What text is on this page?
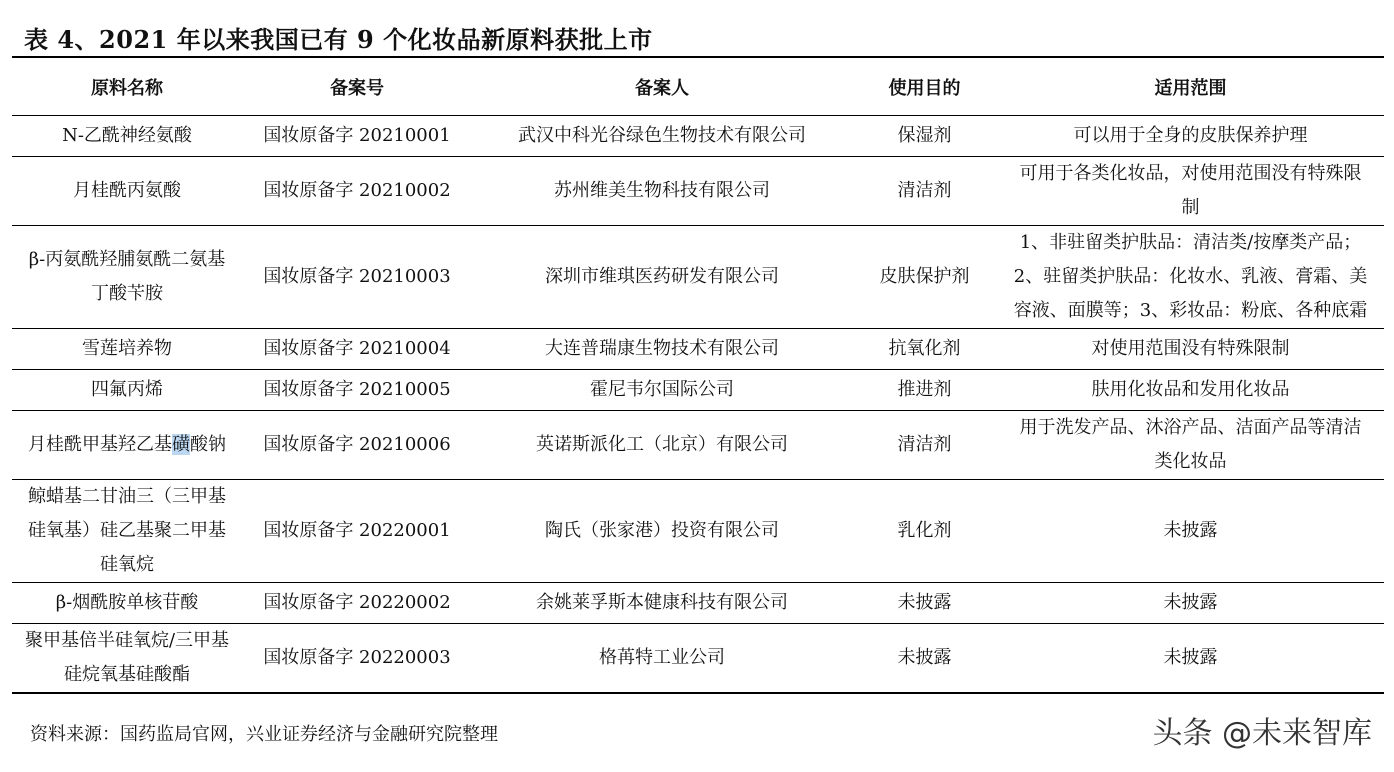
表 4、2021 年以来我国已有 9 个化妆品新原料获批上市
原料名称	备案号	备案人	使用目的	适用范围
N-乙酰神经氨酸	国妆原备字 20210001	武汉中科光谷绿色生物技术有限公司	保湿剂	可以用于全身的皮肤保养护理
月桂酰丙氨酸	国妆原备字 20210002	苏州维美生物科技有限公司	清洁剂	可用于各类化妆品，对使用范围没有特殊限制
β-丙氨酰羟脯氨酰二氨基丁酸苄胺	国妆原备字 20210003	深圳市维琪医药研发有限公司	皮肤保护剂	1、非驻留类护肤品：清洁类/按摩类产品；2、驻留类护肤品：化妆水、乳液、膏霜、美容液、面膜等；3、彩妆品：粉底、各种底霜
雪莲培养物	国妆原备字 20210004	大连普瑞康生物技术有限公司	抗氧化剂	对使用范围没有特殊限制
四氟丙烯	国妆原备字 20210005	霍尼韦尔国际公司	推进剂	肤用化妆品和发用化妆品
月桂酰甲基羟乙基磺酸钠	国妆原备字 20210006	英诺斯派化工（北京）有限公司	清洁剂	用于洗发产品、沐浴产品、洁面产品等清洁类化妆品
鲸蜡基二甘油三（三甲基硅氧基）硅乙基聚二甲基硅氧烷	国妆原备字 20220001	陶氏（张家港）投资有限公司	乳化剂	未披露
β-烟酰胺单核苷酸	国妆原备字 20220002	余姚莱孚斯本健康科技有限公司	未披露	未披露
聚甲基倍半硅氧烷/三甲基硅烷氧基硅酸酯	国妆原备字 20220003	格苒特工业公司	未披露	未披露
资料来源：国药监局官网，兴业证券经济与金融研究院整理	头条 @未来智库
